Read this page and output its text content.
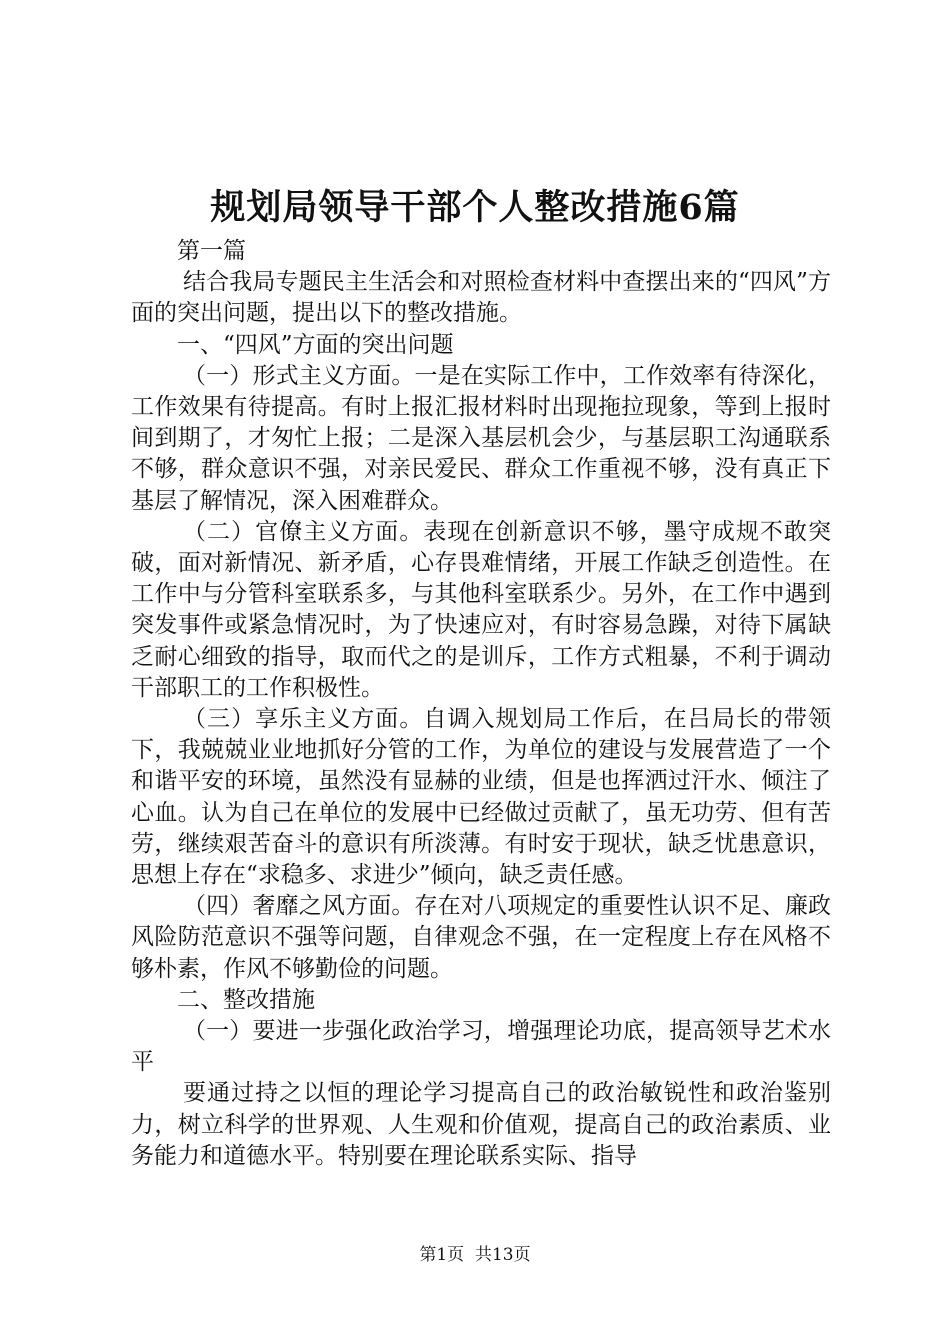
规划局领导干部个人整改措施6篇

第一篇

结合我局专题民主生活会和对照检查材料中查摆出来的“四风”方面的突出问题，提出以下的整改措施。

一、“四风”方面的突出问题

（一）形式主义方面。一是在实际工作中，工作效率有待深化，工作效果有待提高。有时上报汇报材料时出现拖拉现象，等到上报时间到期了，才匆忙上报；二是深入基层机会少，与基层职工沟通联系不够，群众意识不强，对亲民爱民、群众工作重视不够，没有真正下基层了解情况，深入困难群众。

（二）官僚主义方面。表现在创新意识不够，墨守成规不敢突破，面对新情况、新矛盾，心存畏难情绪，开展工作缺乏创造性。在工作中与分管科室联系多，与其他科室联系少。另外，在工作中遇到突发事件或紧急情况时，为了快速应对，有时容易急躁，对待下属缺乏耐心细致的指导，取而代之的是训斥，工作方式粗暴，不利于调动干部职工的工作积极性。

（三）享乐主义方面。自调入规划局工作后，在吕局长的带领下，我兢兢业业地抓好分管的工作，为单位的建设与发展营造了一个和谐平安的环境，虽然没有显赫的业绩，但是也挥洒过汗水、倾注了心血。认为自己在单位的发展中已经做过贡献了，虽无功劳、但有苦劳，继续艰苦奋斗的意识有所淡薄。有时安于现状，缺乏忧患意识，思想上存在“求稳多、求进少”倾向，缺乏责任感。

（四）奢靡之风方面。存在对八项规定的重要性认识不足、廉政风险防范意识不强等问题，自律观念不强，在一定程度上存在风格不够朴素，作风不够勤俭的问题。

二、整改措施

（一）要进一步强化政治学习，增强理论功底，提高领导艺术水平

要通过持之以恒的理论学习提高自己的政治敏锐性和政治鉴别力，树立科学的世界观、人生观和价值观，提高自己的政治素质、业务能力和道德水平。特别要在理论联系实际、指导

第1页  共13页
